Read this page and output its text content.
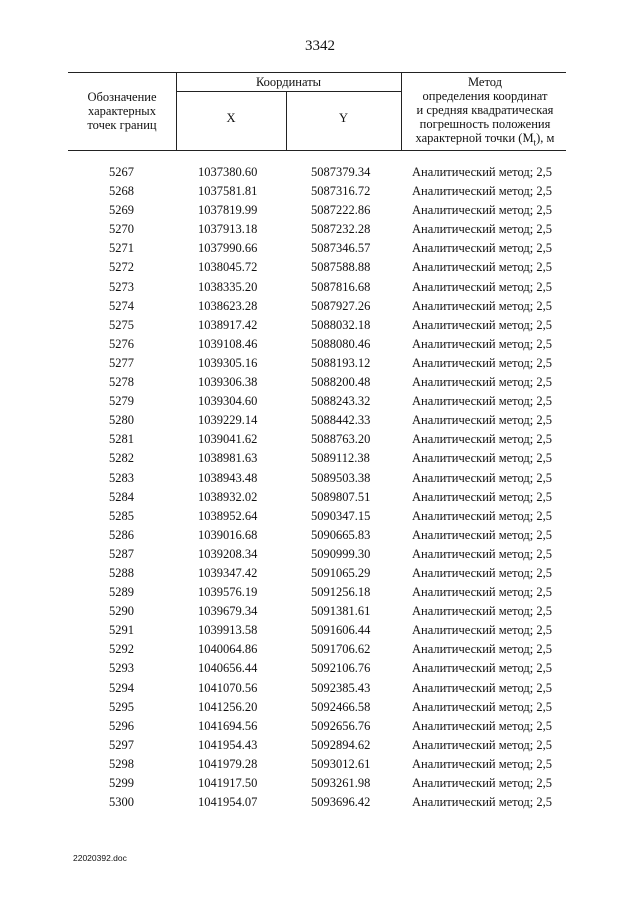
3342
Обозначение
характерных
точек границ
Координаты
X	Y
Метод
определения координат
и средняя квадратическая
погрешность положения
характерной точки $(M_t)$, м
5267	1037380.60	5087379.34	Аналитический метод; 2,5
5268	1037581.81	5087316.72	Аналитический метод; 2,5
5269	1037819.99	5087222.86	Аналитический метод; 2,5
5270	1037913.18	5087232.28	Аналитический метод; 2,5
5271	1037990.66	5087346.57	Аналитический метод; 2,5
5272	1038045.72	5087588.88	Аналитический метод; 2,5
5273	1038335.20	5087816.68	Аналитический метод; 2,5
5274	1038623.28	5087927.26	Аналитический метод; 2,5
5275	1038917.42	5088032.18	Аналитический метод; 2,5
5276	1039108.46	5088080.46	Аналитический метод; 2,5
5277	1039305.16	5088193.12	Аналитический метод; 2,5
5278	1039306.38	5088200.48	Аналитический метод; 2,5
5279	1039304.60	5088243.32	Аналитический метод; 2,5
5280	1039229.14	5088442.33	Аналитический метод; 2,5
5281	1039041.62	5088763.20	Аналитический метод; 2,5
5282	1038981.63	5089112.38	Аналитический метод; 2,5
5283	1038943.48	5089503.38	Аналитический метод; 2,5
5284	1038932.02	5089807.51	Аналитический метод; 2,5
5285	1038952.64	5090347.15	Аналитический метод; 2,5
5286	1039016.68	5090665.83	Аналитический метод; 2,5
5287	1039208.34	5090999.30	Аналитический метод; 2,5
5288	1039347.42	5091065.29	Аналитический метод; 2,5
5289	1039576.19	5091256.18	Аналитический метод; 2,5
5290	1039679.34	5091381.61	Аналитический метод; 2,5
5291	1039913.58	5091606.44	Аналитический метод; 2,5
5292	1040064.86	5091706.62	Аналитический метод; 2,5
5293	1040656.44	5092106.76	Аналитический метод; 2,5
5294	1041070.56	5092385.43	Аналитический метод; 2,5
5295	1041256.20	5092466.58	Аналитический метод; 2,5
5296	1041694.56	5092656.76	Аналитический метод; 2,5
5297	1041954.43	5092894.62	Аналитический метод; 2,5
5298	1041979.28	5093012.61	Аналитический метод; 2,5
5299	1041917.50	5093261.98	Аналитический метод; 2,5
5300	1041954.07	5093696.42	Аналитический метод; 2,5
22020392.doc
